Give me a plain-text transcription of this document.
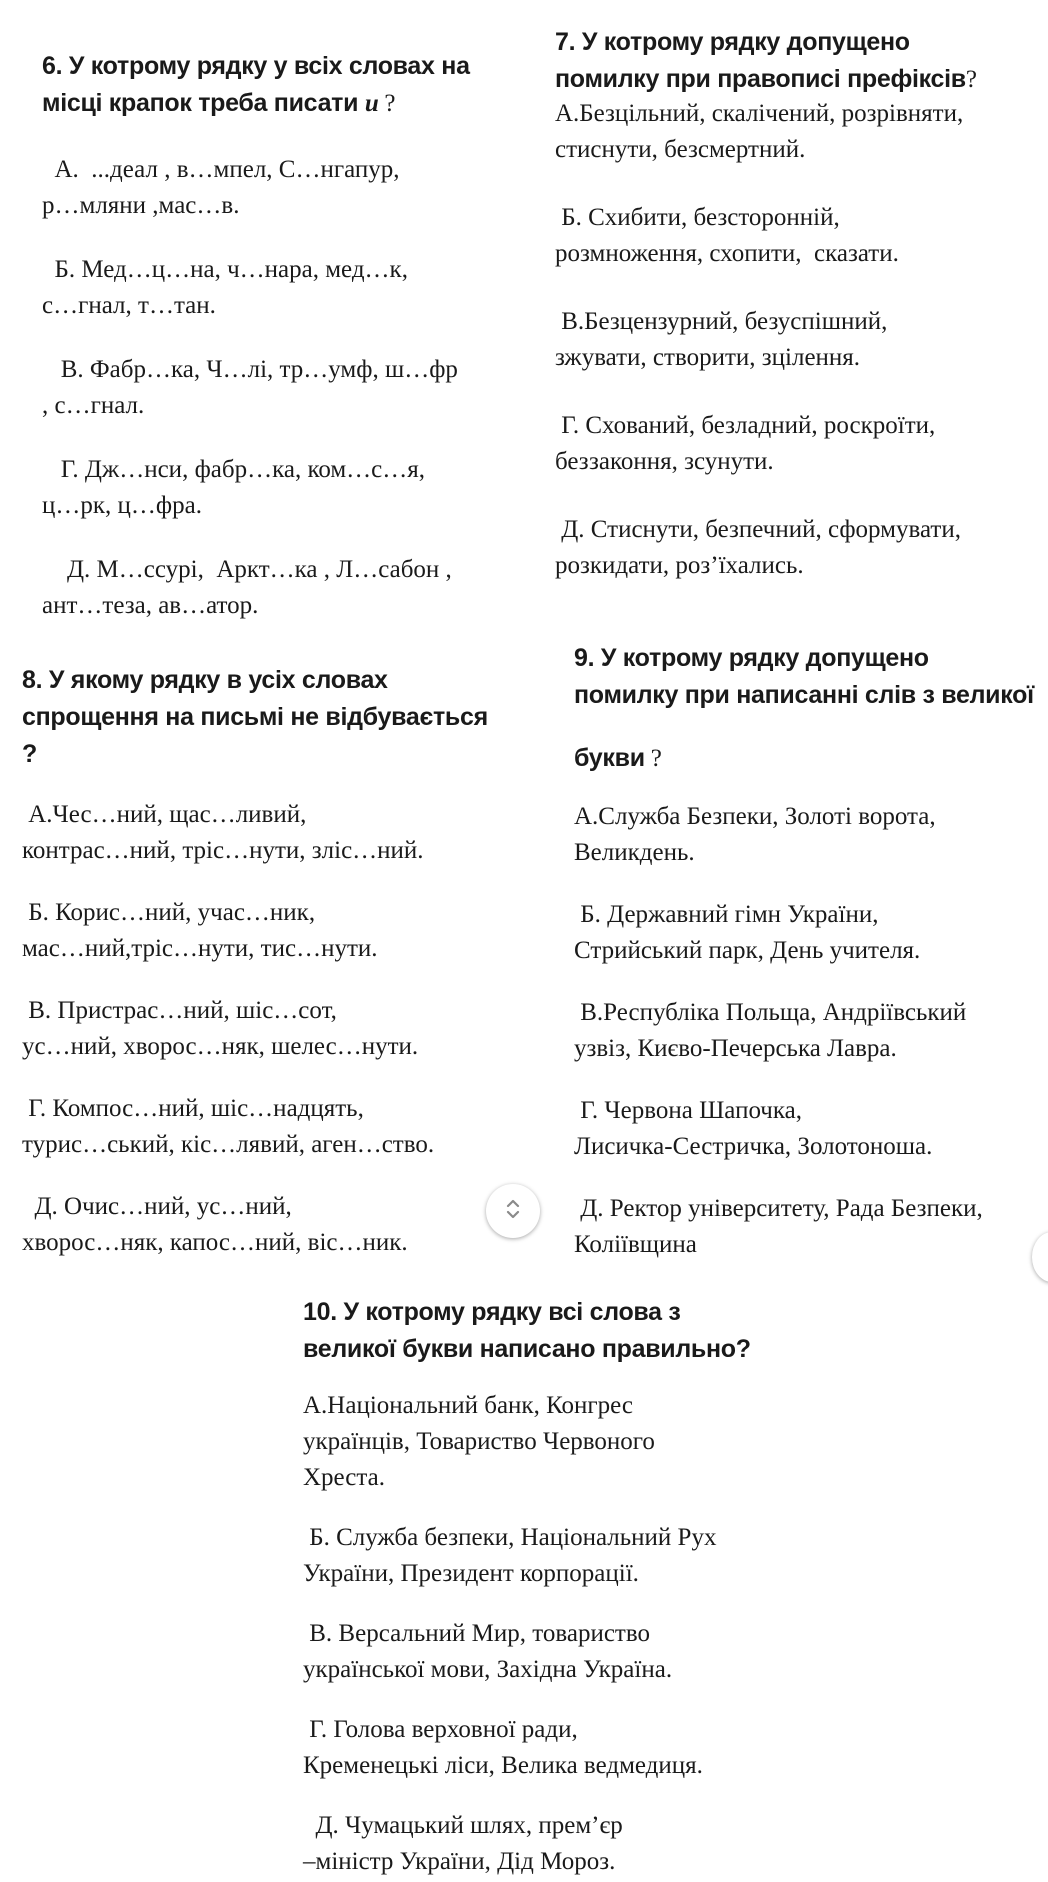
6. У котрому рядку у всіх словах на
місці крапок треба писати и ?

А.  ...деал , в…мпел, С…нгапур,
р…мляни ,мас…в.

Б. Мед…ц…на, ч…нара, мед…к,
с…гнал, т…тан.

В. Фабр…ка, Ч…лі, тр…умф, ш…фр
, с…гнал.

Г. Дж…нси, фабр…ка, ком…с…я,
ц…рк, ц…фра.

Д. М…ссурі,  Аркт…ка , Л…сабон ,
ант…теза, ав…атор.

7. У котрому рядку допущено
помилку при правописі префіксів?

А.Безцільний, скалічений, розрівняти,
стиснути, безсмертний.

Б. Схибити, безсторонній,
розмноження, схопити,  сказати.

В.Безцензурний, безуспішний,
зжувати, створити, зцілення.

Г. Схований, безладний, роскроїти,
беззаконня, зсунути.

Д. Стиснути, безпечний, сформувати,
розкидати, роз’їхались.

8. У якому рядку в усіх словах
спрощення на письмі не відбувається
?

А.Чес…ний, щас…ливий,
контрас…ний, тріс…нути, зліс…ний.

Б. Корис…ний, учас…ник,
мас…ний,тріс…нути, тис…нути.

В. Пристрас…ний, шіс…сот,
ус…ний, хворос…няк, шелес…нути.

Г. Компос…ний, шіс…надцять,
турис…ський, кіс…лявий, аген…ство.

Д. Очис…ний, ус…ний,
хворос…няк, капос…ний, віс…ник.

9. У котрому рядку допущено
помилку при написанні слів з великої
букви ?

А.Служба Безпеки, Золоті ворота,
Великдень.

Б. Державний гімн України,
Стрийський парк, День учителя.

В.Республіка Польща, Андріївський
узвіз, Києво-Печерська Лавра.

Г. Червона Шапочка,
Лисичка-Сестричка, Золотоноша.

Д. Ректор університету, Рада Безпеки,
Коліївщина

10. У котрому рядку всі слова з
великої букви написано правильно?

А.Національний банк, Конгрес
українців, Товариство Червоного
Хреста.

Б. Служба безпеки, Національний Рух
України, Президент корпорації.

В. Версальний Мир, товариство
української мови, Західна Україна.

Г. Голова верховної ради,
Кременецькі ліси, Велика ведмедиця.

Д. Чумацький шлях, прем’єр
–міністр України, Дід Мороз.
